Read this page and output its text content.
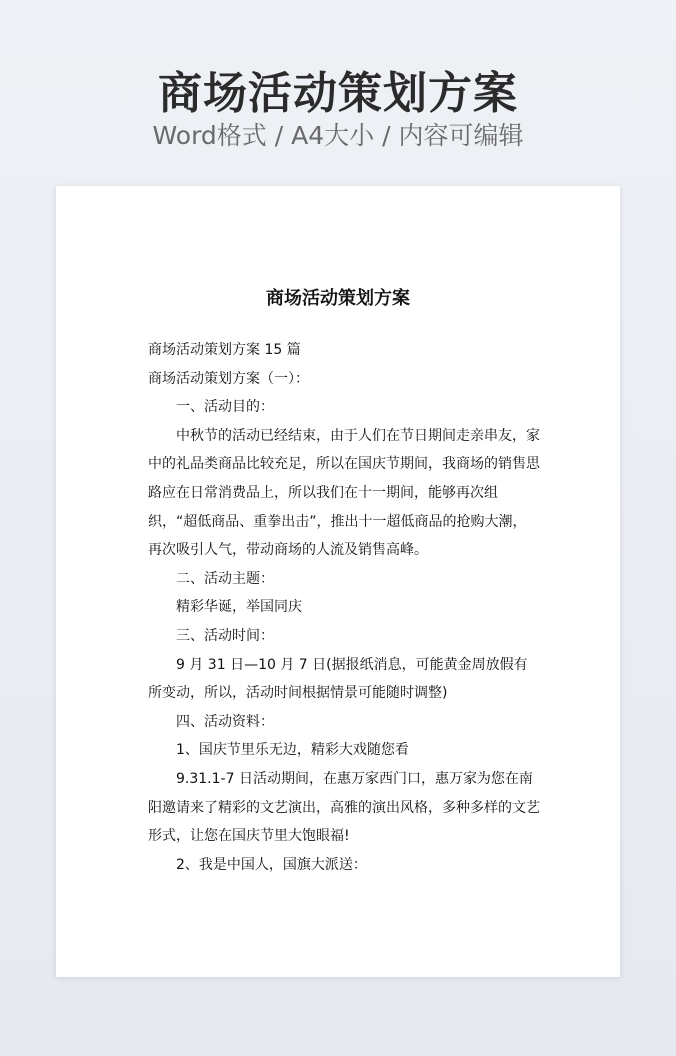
商场活动策划方案
Word格式 / A4大小 / 内容可编辑
商场活动策划方案

商场活动策划方案 15 篇

商场活动策划方案（一）：

一、活动目的：

中秋节的活动已经结束，由于人们在节日期间走亲串友，家中的礼品类商品比较充足，所以在国庆节期间，我商场的销售思路应在日常消费品上，所以我们在十一期间，能够再次组织，“超低商品、重拳出击”，推出十一超低商品的抢购大潮，再次吸引人气，带动商场的人流及销售高峰。

二、活动主题：

精彩华诞，举国同庆

三、活动时间：

9 月 31 日—10 月 7 日(据报纸消息，可能黄金周放假有所变动，所以，活动时间根据情景可能随时调整)

四、活动资料：

1、国庆节里乐无边，精彩大戏随您看

9.31.1-7 日活动期间，在惠万家西门口，惠万家为您在南阳邀请来了精彩的文艺演出，高雅的演出风格，多种多样的文艺形式，让您在国庆节里大饱眼福!

2、我是中国人，国旗大派送：
